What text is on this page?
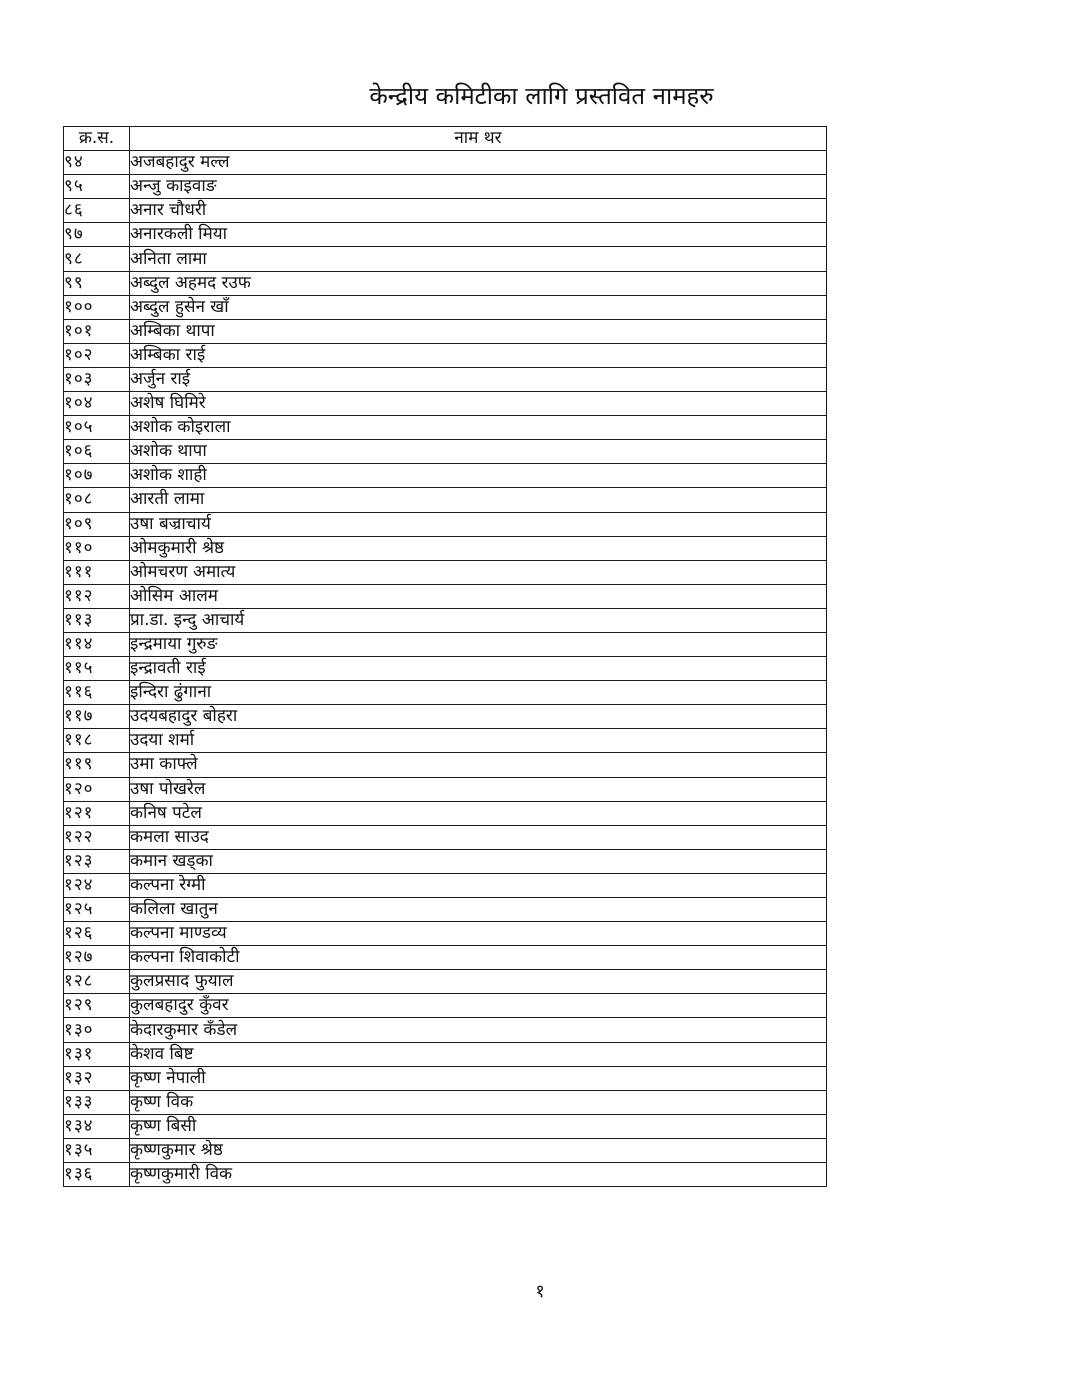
केन्द्रीय कमिटीका लागि प्रस्तवित नामहरु
क्र.स.	नाम थर
९४	अजबहादुर मल्ल
९५	अन्जु काइवाङ
८६	अनार चौधरी
९७	अनारकली मिया
९८	अनिता लामा
९९	अब्दुल अहमद रउफ
१००	अब्दुल हुसेन खाँ
१०१	अम्बिका थापा
१०२	अम्बिका राई
१०३	अर्जुन राई
१०४	अशेष घिमिरे
१०५	अशोक कोइराला
१०६	अशोक थापा
१०७	अशोक शाही
१०८	आरती लामा
१०९	उषा बज्राचार्य
११०	ओमकुमारी श्रेष्ठ
१११	ओमचरण अमात्य
११२	ओसिम आलम
११३	प्रा.डा. इन्दु आचार्य
११४	इन्द्रमाया गुरुङ
११५	इन्द्रावती राई
११६	इन्दिरा ढुंगाना
११७	उदयबहादुर बोहरा
११८	उदया शर्मा
११९	उमा काफ्ले
१२०	उषा पोखरेल
१२१	कनिष पटेल
१२२	कमला साउद
१२३	कमान खड्का
१२४	कल्पना रेग्मी
१२५	कलिला खातुन
१२६	कल्पना माण्डव्य
१२७	कल्पना शिवाकोटी
१२८	कुलप्रसाद फुयाल
१२९	कुलबहादुर कुँवर
१३०	केदारकुमार कँडेल
१३१	केशव बिष्ट
१३२	कृष्ण नेपाली
१३३	कृष्ण विक
१३४	कृष्ण बिसी
१३५	कृष्णकुमार श्रेष्ठ
१३६	कृष्णकुमारी विक
१
